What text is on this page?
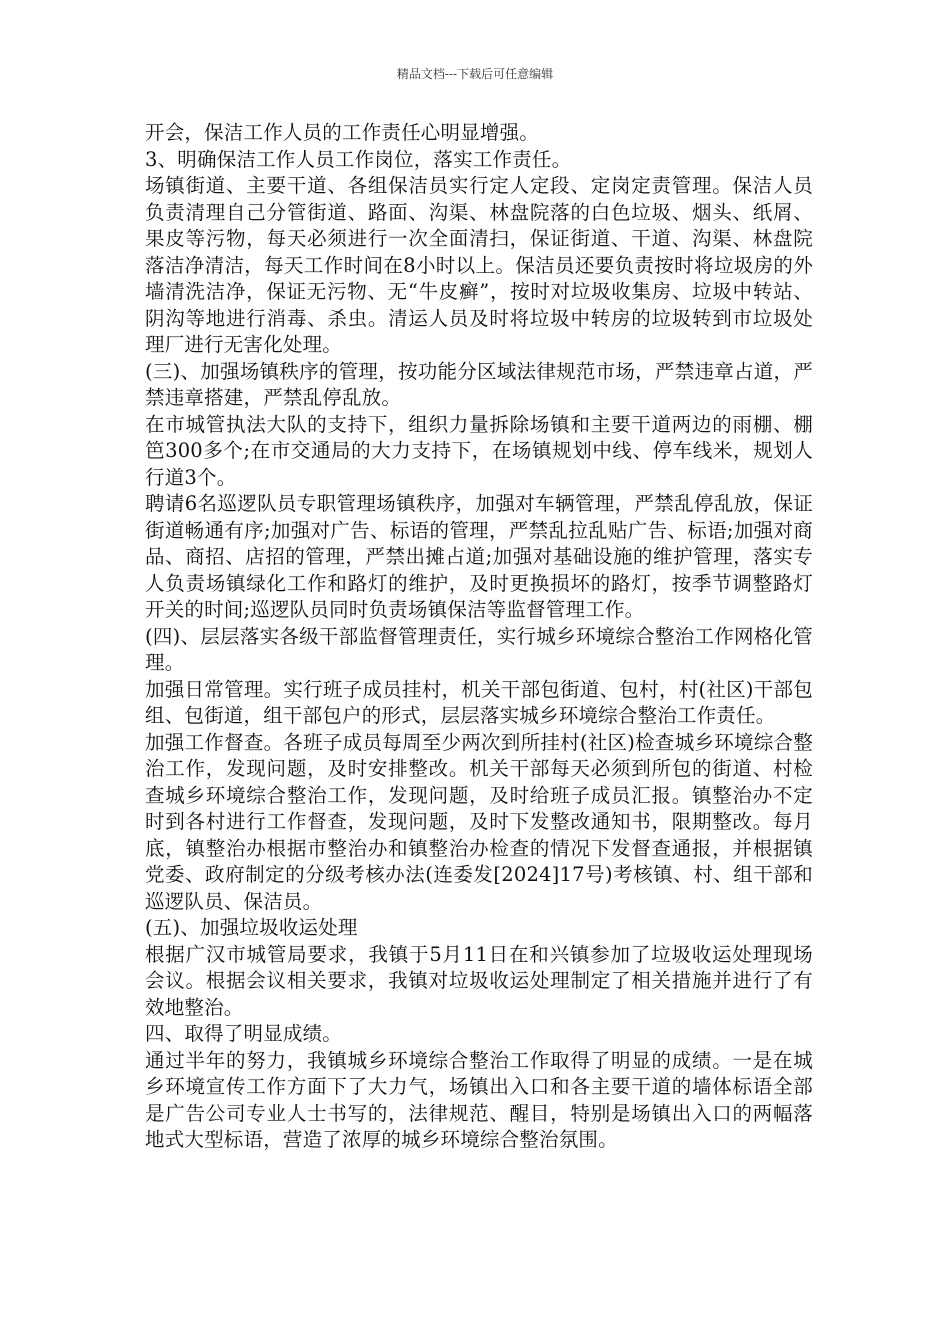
精品文档---下载后可任意编辑

开会，保洁工作人员的工作责任心明显增强。

3、明确保洁工作人员工作岗位，落实工作责任。

场镇街道、主要干道、各组保洁员实行定人定段、定岗定责管理。保洁人员负责清理自己分管街道、路面、沟渠、林盘院落的白色垃圾、烟头、纸屑、果皮等污物，每天必须进行一次全面清扫，保证街道、干道、沟渠、林盘院落洁净清洁，每天工作时间在8小时以上。保洁员还要负责按时将垃圾房的外墙清洗洁净，保证无污物、无“牛皮癣”，按时对垃圾收集房、垃圾中转站、阴沟等地进行消毒、杀虫。清运人员及时将垃圾中转房的垃圾转到市垃圾处理厂进行无害化处理。

(三)、加强场镇秩序的管理，按功能分区域法律规范市场，严禁违章占道，严禁违章搭建，严禁乱停乱放。

在市城管执法大队的支持下，组织力量拆除场镇和主要干道两边的雨棚、棚笆300多个;在市交通局的大力支持下，在场镇规划中线、停车线米，规划人行道3个。

聘请6名巡逻队员专职管理场镇秩序，加强对车辆管理，严禁乱停乱放，保证街道畅通有序;加强对广告、标语的管理，严禁乱拉乱贴广告、标语;加强对商品、商招、店招的管理，严禁出摊占道;加强对基础设施的维护管理，落实专人负责场镇绿化工作和路灯的维护，及时更换损坏的路灯，按季节调整路灯开关的时间;巡逻队员同时负责场镇保洁等监督管理工作。

(四)、层层落实各级干部监督管理责任，实行城乡环境综合整治工作网格化管理。

加强日常管理。实行班子成员挂村，机关干部包街道、包村，村(社区)干部包组、包街道，组干部包户的形式，层层落实城乡环境综合整治工作责任。

加强工作督查。各班子成员每周至少两次到所挂村(社区)检查城乡环境综合整治工作，发现问题，及时安排整改。机关干部每天必须到所包的街道、村检查城乡环境综合整治工作，发现问题，及时给班子成员汇报。镇整治办不定时到各村进行工作督查，发现问题，及时下发整改通知书，限期整改。每月底，镇整治办根据市整治办和镇整治办检查的情况下发督查通报，并根据镇党委、政府制定的分级考核办法(连委发[2024]17号)考核镇、村、组干部和巡逻队员、保洁员。

(五)、加强垃圾收运处理

根据广汉市城管局要求，我镇于5月11日在和兴镇参加了垃圾收运处理现场会议。根据会议相关要求，我镇对垃圾收运处理制定了相关措施并进行了有效地整治。

四、取得了明显成绩。

通过半年的努力，我镇城乡环境综合整治工作取得了明显的成绩。一是在城乡环境宣传工作方面下了大力气，场镇出入口和各主要干道的墙体标语全部是广告公司专业人士书写的，法律规范、醒目，特别是场镇出入口的两幅落地式大型标语，营造了浓厚的城乡环境综合整治氛围。
